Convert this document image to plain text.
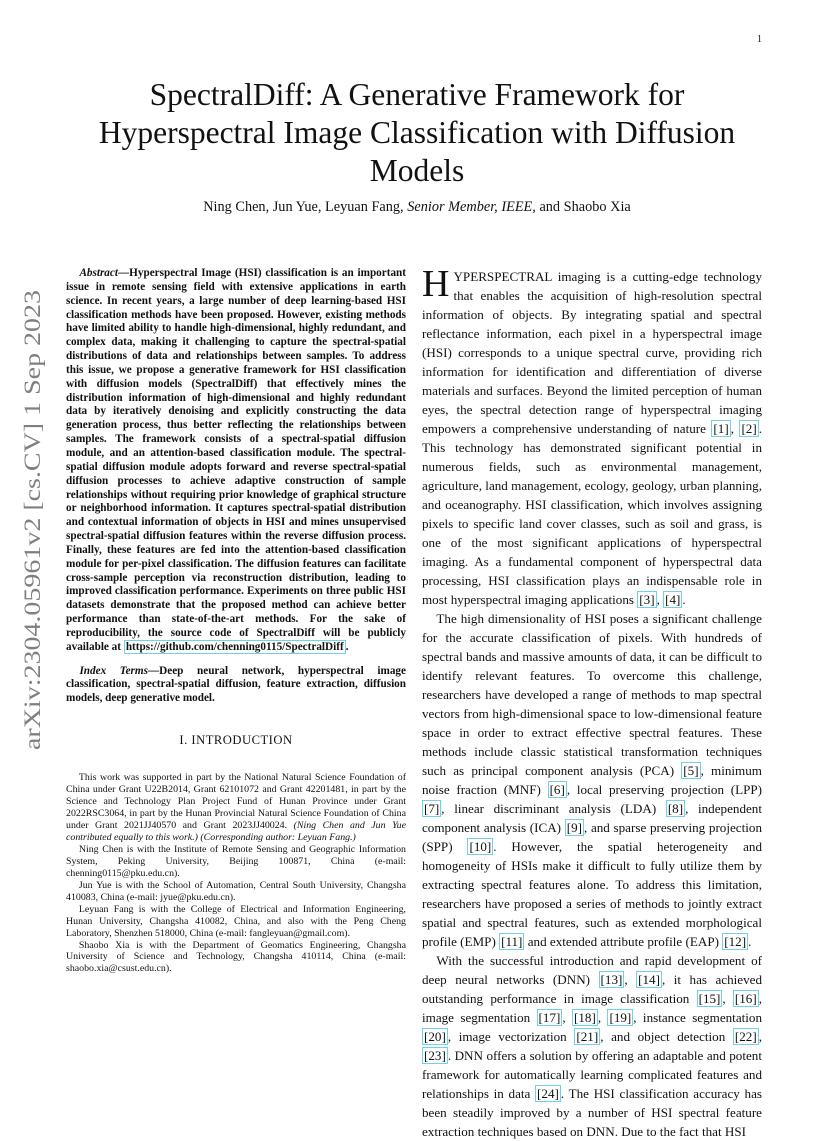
1
arXiv:2304.05961v2 [cs.CV] 1 Sep 2023
SpectralDiff: A Generative Framework for Hyperspectral Image Classification with Diffusion Models
Ning Chen, Jun Yue, Leyuan Fang, Senior Member, IEEE, and Shaobo Xia

Abstract—Hyperspectral Image (HSI) classification is an important issue in remote sensing field with extensive applications in earth science. In recent years, a large number of deep learning-based HSI classification methods have been proposed. However, existing methods have limited ability to handle high-dimensional, highly redundant, and complex data, making it challenging to capture the spectral-spatial distributions of data and relationships between samples. To address this issue, we propose a generative framework for HSI classification with diffusion models (SpectralDiff) that effectively mines the distribution information of high-dimensional and highly redundant data by iteratively denoising and explicitly constructing the data generation process, thus better reflecting the relationships between samples. The framework consists of a spectral-spatial diffusion module, and an attention-based classification module. The spectral-spatial diffusion module adopts forward and reverse spectral-spatial diffusion processes to achieve adaptive construction of sample relationships without requiring prior knowledge of graphical structure or neighborhood information. It captures spectral-spatial distribution and contextual information of objects in HSI and mines unsupervised spectral-spatial diffusion features within the reverse diffusion process. Finally, these features are fed into the attention-based classification module for per-pixel classification. The diffusion features can facilitate cross-sample perception via reconstruction distribution, leading to improved classification performance. Experiments on three public HSI datasets demonstrate that the proposed method can achieve better performance than state-of-the-art methods. For the sake of reproducibility, the source code of SpectralDiff will be publicly available at https://github.com/chenning0115/SpectralDiff .

Index Terms—Deep neural network, hyperspectral image classification, spectral-spatial diffusion, feature extraction, diffusion models, deep generative model.

I. INTRODUCTION

This work was supported in part by the National Natural Science Foundation of China under Grant U22B2014, Grant 62101072 and Grant 42201481, in part by the Science and Technology Plan Project Fund of Hunan Province under Grant 2022RSC3064, in part by the Hunan Provincial Natural Science Foundation of China under Grant 2021JJ40570 and Grant 2023JJ40024. (Ning Chen and Jun Yue contributed equally to this work.) (Corresponding author: Leyuan Fang.)

Ning Chen is with the Institute of Remote Sensing and Geographic Information System, Peking University, Beijing 100871, China (e-mail: chenning0115@pku.edu.cn).

Jun Yue is with the School of Automation, Central South University, Changsha 410083, China (e-mail: jyue@pku.edu.cn).

Leyuan Fang is with the College of Electrical and Information Engineering, Hunan University, Changsha 410082, China, and also with the Peng Cheng Laboratory, Shenzhen 518000, China (e-mail: fangleyuan@gmail.com).

Shaobo Xia is with the Department of Geomatics Engineering, Changsha University of Science and Technology, Changsha 410114, China (e-mail: shaobo.xia@csust.edu.cn).

HYPERSPECTRAL imaging is a cutting-edge technology that enables the acquisition of high-resolution spectral information of objects. By integrating spatial and spectral reflectance information, each pixel in a hyperspectral image (HSI) corresponds to a unique spectral curve, providing rich information for identification and differentiation of diverse materials and surfaces. Beyond the limited perception of human eyes, the spectral detection range of hyperspectral imaging empowers a comprehensive understanding of nature [1] , [2] . This technology has demonstrated significant potential in numerous fields, such as environmental management, agriculture, land management, ecology, geology, urban planning, and oceanography. HSI classification, which involves assigning pixels to specific land cover classes, such as soil and grass, is one of the most significant applications of hyperspectral imaging. As a fundamental component of hyperspectral data processing, HSI classification plays an indispensable role in most hyperspectral imaging applications [3] , [4] .

The high dimensionality of HSI poses a significant challenge for the accurate classification of pixels. With hundreds of spectral bands and massive amounts of data, it can be difficult to identify relevant features. To overcome this challenge, researchers have developed a range of methods to map spectral vectors from high-dimensional space to low-dimensional feature space in order to extract effective spectral features. These methods include classic statistical transformation techniques such as principal component analysis (PCA) [5] , minimum noise fraction (MNF) [6] , local preserving projection (LPP) [7] , linear discriminant analysis (LDA) [8] , independent component analysis (ICA) [9] , and sparse preserving projection (SPP) [10] . However, the spatial heterogeneity and homogeneity of HSIs make it difficult to fully utilize them by extracting spectral features alone. To address this limitation, researchers have proposed a series of methods to jointly extract spatial and spectral features, such as extended morphological profile (EMP) [11] and extended attribute profile (EAP) [12] .

With the successful introduction and rapid development of deep neural networks (DNN) [13] , [14] , it has achieved outstanding performance in image classification [15] , [16] , image segmentation [17] , [18] , [19] , instance segmentation [20] , image vectorization [21] , and object detection [22] , [23] . DNN offers a solution by offering an adaptable and potent framework for automatically learning complicated features and relationships in data [24] . The HSI classification accuracy has been steadily improved by a number of HSI spectral feature extraction techniques based on DNN. Due to the fact that HSI
